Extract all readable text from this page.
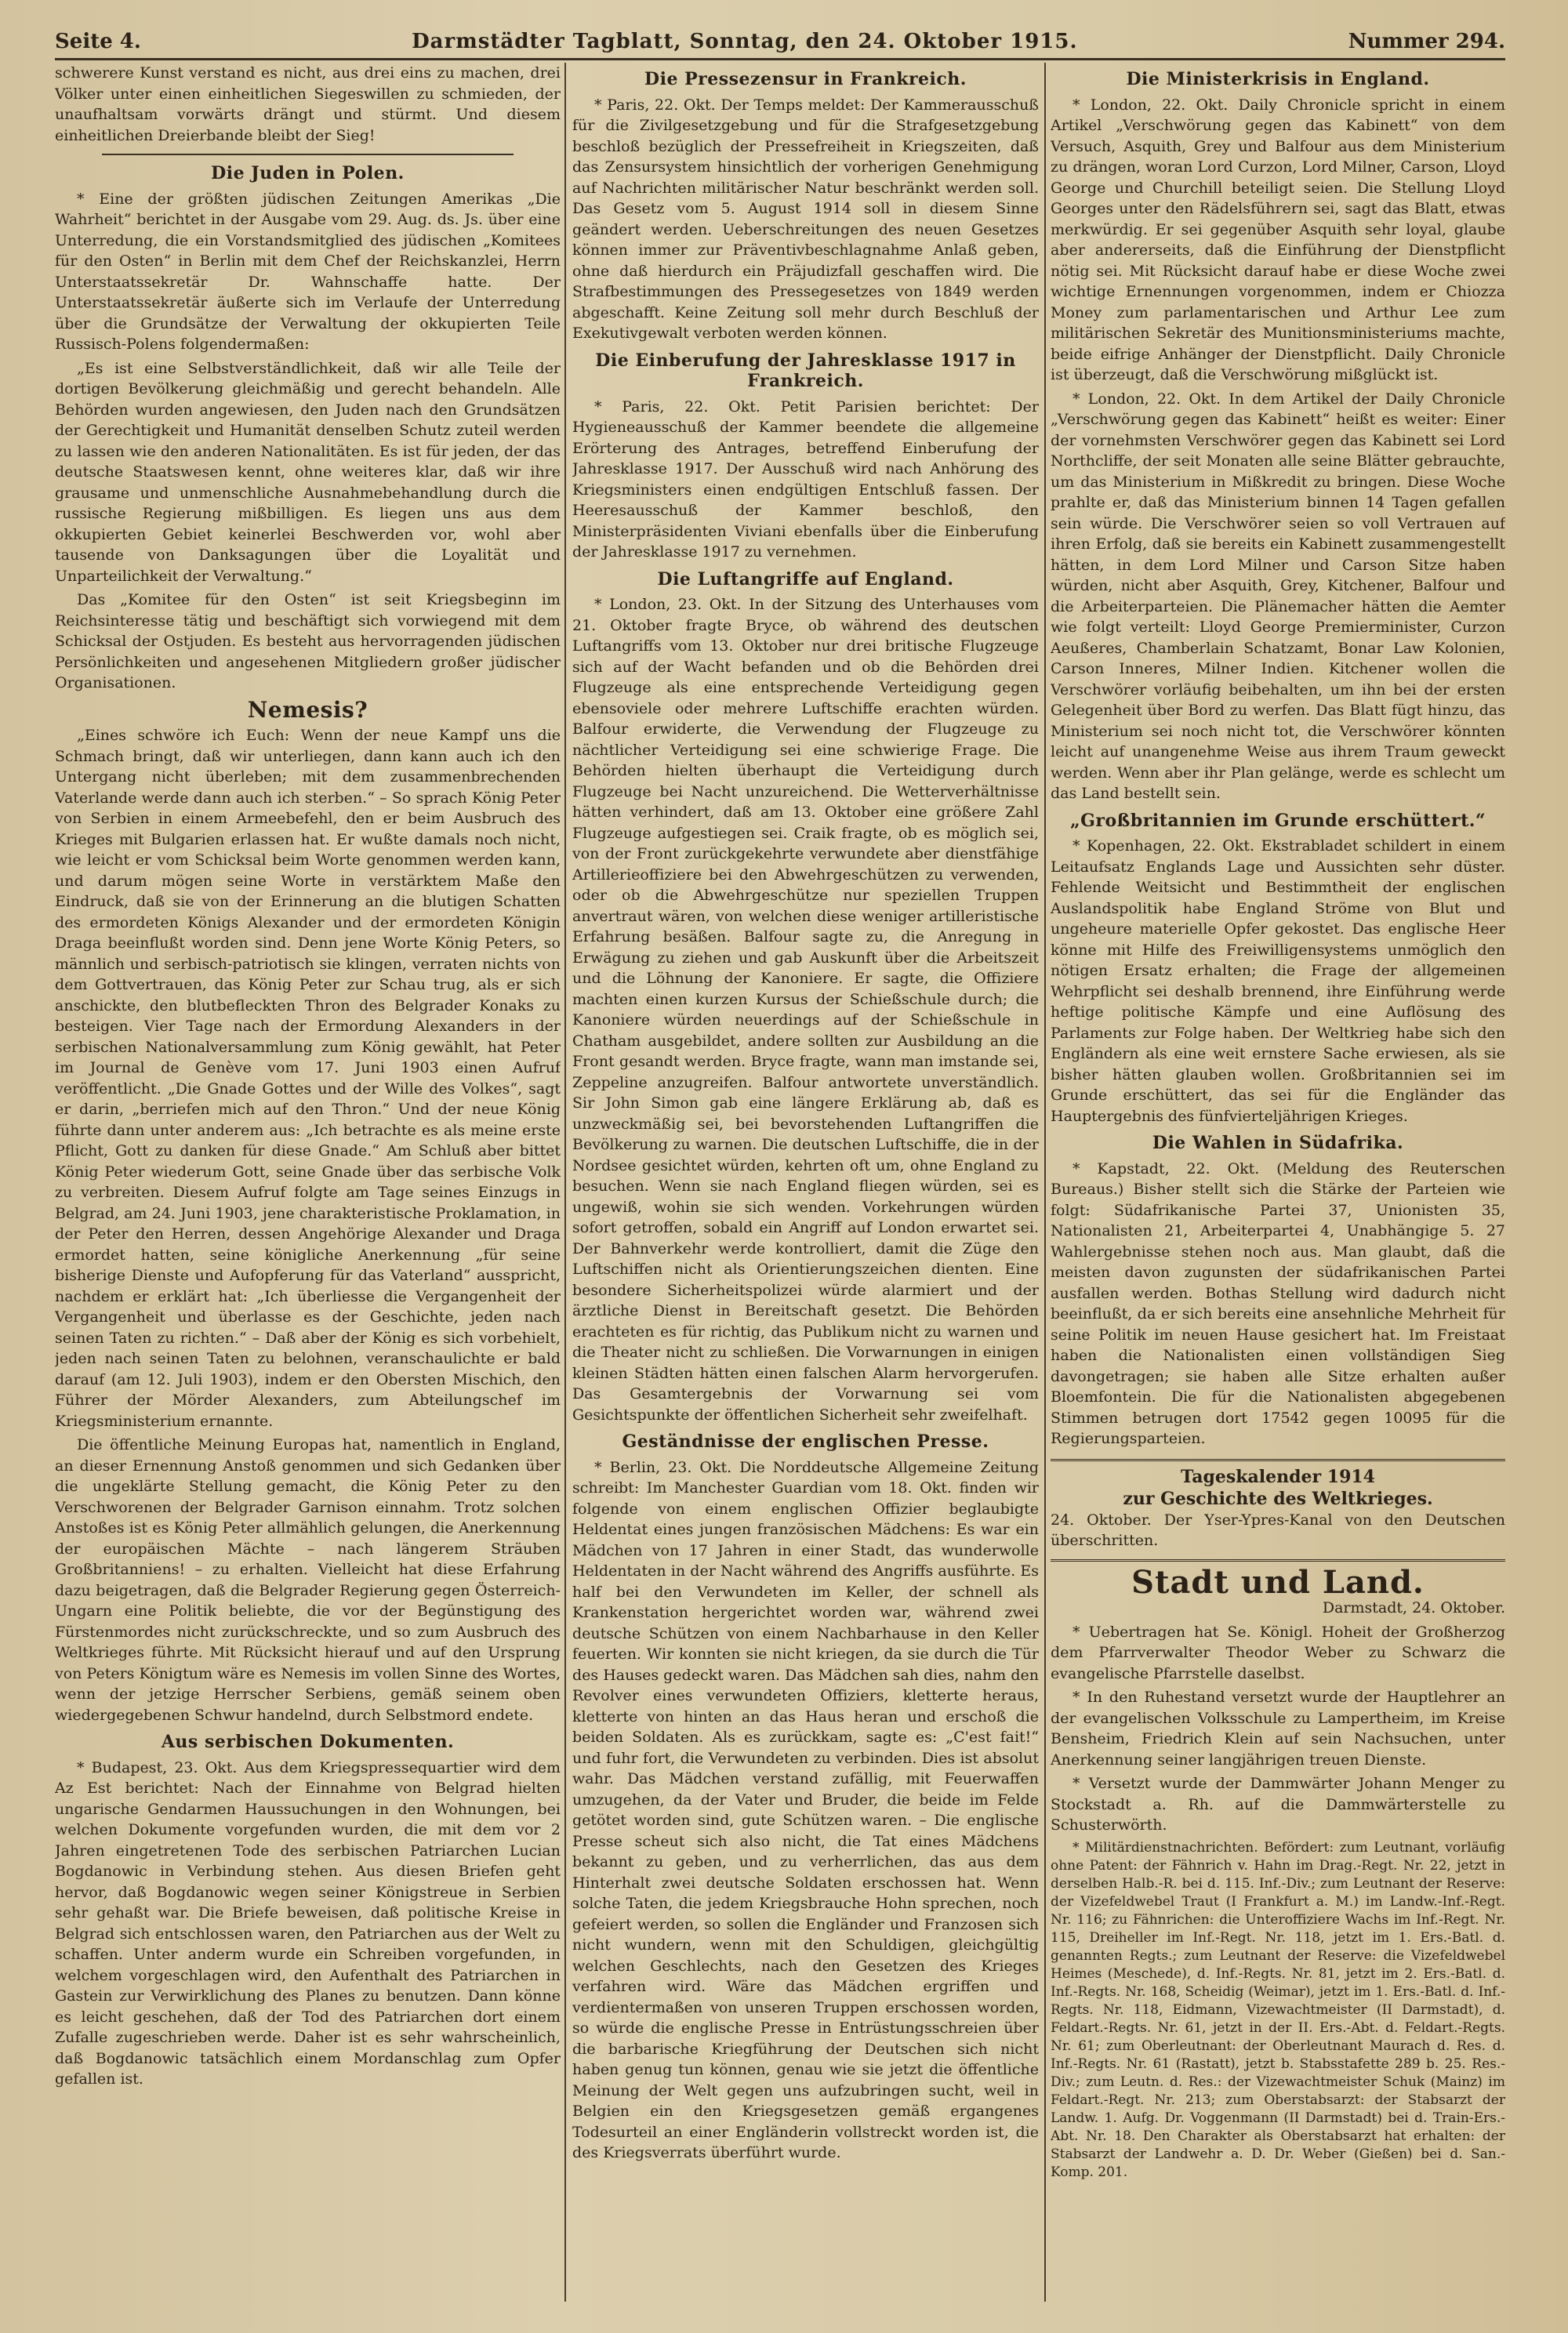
Seite 4.	Darmstädter Tagblatt, Sonntag, den 24. Oktober 1915.	Nummer 294.

schwerere Kunst verstand es nicht, aus drei eins zu machen, drei Völker unter einen einheitlichen Siegeswillen zu schmieden, der unaufhaltsam vorwärts drängt und stürmt. Und diesem einheitlichen Dreierbande bleibt der Sieg!

Die Juden in Polen.

* Eine der größten jüdischen Zeitungen Amerikas „Die Wahrheit“ berichtet in der Ausgabe vom 29. Aug. ds. Js. über eine Unterredung, die ein Vorstandsmitglied des jüdischen „Komitees für den Osten“ in Berlin mit dem Chef der Reichskanzlei, Herrn Unterstaatssekretär Dr. Wahnschaffe hatte. Der Unterstaatssekretär äußerte sich im Verlaufe der Unterredung über die Grundsätze der Verwaltung der okkupierten Teile Russisch-Polens folgendermaßen:

„Es ist eine Selbstverständlichkeit, daß wir alle Teile der dortigen Bevölkerung gleichmäßig und gerecht behandeln. Alle Behörden wurden angewiesen, den Juden nach den Grundsätzen der Gerechtigkeit und Humanität denselben Schutz zuteil werden zu lassen wie den anderen Nationalitäten. Es ist für jeden, der das deutsche Staatswesen kennt, ohne weiteres klar, daß wir ihre grausame und unmenschliche Ausnahmebehandlung durch die russische Regierung mißbilligen. Es liegen uns aus dem okkupierten Gebiet keinerlei Beschwerden vor, wohl aber tausende von Danksagungen über die Loyalität und Unparteilichkeit der Verwaltung.“

Das „Komitee für den Osten“ ist seit Kriegsbeginn im Reichsinteresse tätig und beschäftigt sich vorwiegend mit dem Schicksal der Ostjuden. Es besteht aus hervorragenden jüdischen Persönlichkeiten und angesehenen Mitgliedern großer jüdischer Organisationen.

Nemesis?

„Eines schwöre ich Euch: Wenn der neue Kampf uns die Schmach bringt, daß wir unterliegen, dann kann auch ich den Untergang nicht überleben; mit dem zusammenbrechenden Vaterlande werde dann auch ich sterben.“ – So sprach König Peter von Serbien in einem Armeebefehl, den er beim Ausbruch des Krieges mit Bulgarien erlassen hat. Er wußte damals noch nicht, wie leicht er vom Schicksal beim Worte genommen werden kann, und darum mögen seine Worte in verstärktem Maße den Eindruck, daß sie von der Erinnerung an die blutigen Schatten des ermordeten Königs Alexander und der ermordeten Königin Draga beeinflußt worden sind. Denn jene Worte König Peters, so männlich und serbisch-patriotisch sie klingen, verraten nichts von dem Gottvertrauen, das König Peter zur Schau trug, als er sich anschickte, den blutbefleckten Thron des Belgrader Konaks zu besteigen. Vier Tage nach der Ermordung Alexanders in der serbischen Nationalversammlung zum König gewählt, hat Peter im Journal de Genève vom 17. Juni 1903 einen Aufruf veröffentlicht. „Die Gnade Gottes und der Wille des Volkes“, sagt er darin, „berriefen mich auf den Thron.“ Und der neue König führte dann unter anderem aus: „Ich betrachte es als meine erste Pflicht, Gott zu danken für diese Gnade.“ Am Schluß aber bittet König Peter wiederum Gott, seine Gnade über das serbische Volk zu verbreiten. Diesem Aufruf folgte am Tage seines Einzugs in Belgrad, am 24. Juni 1903, jene charakteristische Proklamation, in der Peter den Herren, dessen Angehörige Alexander und Draga ermordet hatten, seine königliche Anerkennung „für seine bisherige Dienste und Aufopferung für das Vaterland“ ausspricht, nachdem er erklärt hat: „Ich überliesse die Vergangenheit der Vergangenheit und überlasse es der Geschichte, jeden nach seinen Taten zu richten.“ – Daß aber der König es sich vorbehielt, jeden nach seinen Taten zu belohnen, veranschaulichte er bald darauf (am 12. Juli 1903), indem er den Obersten Mischich, den Führer der Mörder Alexanders, zum Abteilungschef im Kriegsministerium ernannte.

Die öffentliche Meinung Europas hat, namentlich in England, an dieser Ernennung Anstoß genommen und sich Gedanken über die ungeklärte Stellung gemacht, die König Peter zu den Verschworenen der Belgrader Garnison einnahm. Trotz solchen Anstoßes ist es König Peter allmählich gelungen, die Anerkennung der europäischen Mächte – nach längerem Sträuben Großbritanniens! – zu erhalten. Vielleicht hat diese Erfahrung dazu beigetragen, daß die Belgrader Regierung gegen Österreich-Ungarn eine Politik beliebte, die vor der Begünstigung des Fürstenmordes nicht zurückschreckte, und so zum Ausbruch des Weltkrieges führte. Mit Rücksicht hierauf und auf den Ursprung von Peters Königtum wäre es Nemesis im vollen Sinne des Wortes, wenn der jetzige Herrscher Serbiens, gemäß seinem oben wiedergegebenen Schwur handelnd, durch Selbstmord endete.

Aus serbischen Dokumenten.

* Budapest, 23. Okt. Aus dem Kriegspressequartier wird dem Az Est berichtet: Nach der Einnahme von Belgrad hielten ungarische Gendarmen Haussuchungen in den Wohnungen, bei welchen Dokumente vorgefunden wurden, die mit dem vor 2 Jahren eingetretenen Tode des serbischen Patriarchen Lucian Bogdanowic in Verbindung stehen. Aus diesen Briefen geht hervor, daß Bogdanowic wegen seiner Königstreue in Serbien sehr gehaßt war. Die Briefe beweisen, daß politische Kreise in Belgrad sich entschlossen waren, den Patriarchen aus der Welt zu schaffen. Unter anderm wurde ein Schreiben vorgefunden, in welchem vorgeschlagen wird, den Aufenthalt des Patriarchen in Gastein zur Verwirklichung des Planes zu benutzen. Dann könne es leicht geschehen, daß der Tod des Patriarchen dort einem Zufalle zugeschrieben werde. Daher ist es sehr wahrscheinlich, daß Bogdanowic tatsächlich einem Mordanschlag zum Opfer gefallen ist.

Die Pressezensur in Frankreich.

* Paris, 22. Okt. Der Temps meldet: Der Kammerausschuß für die Zivilgesetzgebung und für die Strafgesetzgebung beschloß bezüglich der Pressefreiheit in Kriegszeiten, daß das Zensursystem hinsichtlich der vorherigen Genehmigung auf Nachrichten militärischer Natur beschränkt werden soll. Das Gesetz vom 5. August 1914 soll in diesem Sinne geändert werden. Ueberschreitungen des neuen Gesetzes können immer zur Präventivbeschlagnahme Anlaß geben, ohne daß hierdurch ein Präjudizfall geschaffen wird. Die Strafbestimmungen des Pressegesetzes von 1849 werden abgeschafft. Keine Zeitung soll mehr durch Beschluß der Exekutivgewalt verboten werden können.

Die Einberufung der Jahresklasse 1917 in Frankreich.

* Paris, 22. Okt. Petit Parisien berichtet: Der Hygieneausschuß der Kammer beendete die allgemeine Erörterung des Antrages, betreffend Einberufung der Jahresklasse 1917. Der Ausschuß wird nach Anhörung des Kriegsministers einen endgültigen Entschluß fassen. Der Heeresausschuß der Kammer beschloß, den Ministerpräsidenten Viviani ebenfalls über die Einberufung der Jahresklasse 1917 zu vernehmen.

Die Luftangriffe auf England.

* London, 23. Okt. In der Sitzung des Unterhauses vom 21. Oktober fragte Bryce, ob während des deutschen Luftangriffs vom 13. Oktober nur drei britische Flugzeuge sich auf der Wacht befanden und ob die Behörden drei Flugzeuge als eine entsprechende Verteidigung gegen ebensoviele oder mehrere Luftschiffe erachten würden. Balfour erwiderte, die Verwendung der Flugzeuge zu nächtlicher Verteidigung sei eine schwierige Frage. Die Behörden hielten überhaupt die Verteidigung durch Flugzeuge bei Nacht unzureichend. Die Wetterverhältnisse hätten verhindert, daß am 13. Oktober eine größere Zahl Flugzeuge aufgestiegen sei. Craik fragte, ob es möglich sei, von der Front zurückgekehrte verwundete aber dienstfähige Artillerieoffiziere bei den Abwehrgeschützen zu verwenden, oder ob die Abwehrgeschütze nur speziellen Truppen anvertraut wären, von welchen diese weniger artilleristische Erfahrung besäßen. Balfour sagte zu, die Anregung in Erwägung zu ziehen und gab Auskunft über die Arbeitszeit und die Löhnung der Kanoniere. Er sagte, die Offiziere machten einen kurzen Kursus der Schießschule durch; die Kanoniere würden neuerdings auf der Schießschule in Chatham ausgebildet, andere sollten zur Ausbildung an die Front gesandt werden. Bryce fragte, wann man imstande sei, Zeppeline anzugreifen. Balfour antwortete unverständlich. Sir John Simon gab eine längere Erklärung ab, daß es unzweckmäßig sei, bei bevorstehenden Luftangriffen die Bevölkerung zu warnen. Die deutschen Luftschiffe, die in der Nordsee gesichtet würden, kehrten oft um, ohne England zu besuchen. Wenn sie nach England fliegen würden, sei es ungewiß, wohin sie sich wenden. Vorkehrungen würden sofort getroffen, sobald ein Angriff auf London erwartet sei. Der Bahnverkehr werde kontrolliert, damit die Züge den Luftschiffen nicht als Orientierungszeichen dienten. Eine besondere Sicherheitspolizei würde alarmiert und der ärztliche Dienst in Bereitschaft gesetzt. Die Behörden erachteten es für richtig, das Publikum nicht zu warnen und die Theater nicht zu schließen. Die Vorwarnungen in einigen kleinen Städten hätten einen falschen Alarm hervorgerufen. Das Gesamtergebnis der Vorwarnung sei vom Gesichtspunkte der öffentlichen Sicherheit sehr zweifelhaft.

Geständnisse der englischen Presse.

* Berlin, 23. Okt. Die Norddeutsche Allgemeine Zeitung schreibt: Im Manchester Guardian vom 18. Okt. finden wir folgende von einem englischen Offizier beglaubigte Heldentat eines jungen französischen Mädchens: Es war ein Mädchen von 17 Jahren in einer Stadt, das wunderwolle Heldentaten in der Nacht während des Angriffs ausführte. Es half bei den Verwundeten im Keller, der schnell als Krankenstation hergerichtet worden war, während zwei deutsche Schützen von einem Nachbarhause in den Keller feuerten. Wir konnten sie nicht kriegen, da sie durch die Tür des Hauses gedeckt waren. Das Mädchen sah dies, nahm den Revolver eines verwundeten Offiziers, kletterte heraus, kletterte von hinten an das Haus heran und erschoß die beiden Soldaten. Als es zurückkam, sagte es: „C'est fait!“ und fuhr fort, die Verwundeten zu verbinden. Dies ist absolut wahr. Das Mädchen verstand zufällig, mit Feuerwaffen umzugehen, da der Vater und Bruder, die beide im Felde getötet worden sind, gute Schützen waren. – Die englische Presse scheut sich also nicht, die Tat eines Mädchens bekannt zu geben, und zu verherrlichen, das aus dem Hinterhalt zwei deutsche Soldaten erschossen hat. Wenn solche Taten, die jedem Kriegsbrauche Hohn sprechen, noch gefeiert werden, so sollen die Engländer und Franzosen sich nicht wundern, wenn mit den Schuldigen, gleichgültig welchen Geschlechts, nach den Gesetzen des Krieges verfahren wird. Wäre das Mädchen ergriffen und verdientermaßen von unseren Truppen erschossen worden, so würde die englische Presse in Entrüstungsschreien über die barbarische Kriegführung der Deutschen sich nicht haben genug tun können, genau wie sie jetzt die öffentliche Meinung der Welt gegen uns aufzubringen sucht, weil in Belgien ein den Kriegsgesetzen gemäß ergangenes Todesurteil an einer Engländerin vollstreckt worden ist, die des Kriegsverrats überführt wurde.

Die Ministerkrisis in England.

* London, 22. Okt. Daily Chronicle spricht in einem Artikel „Verschwörung gegen das Kabinett“ von dem Versuch, Asquith, Grey und Balfour aus dem Ministerium zu drängen, woran Lord Curzon, Lord Milner, Carson, Lloyd George und Churchill beteiligt seien. Die Stellung Lloyd Georges unter den Rädelsführern sei, sagt das Blatt, etwas merkwürdig. Er sei gegenüber Asquith sehr loyal, glaube aber andererseits, daß die Einführung der Dienstpflicht nötig sei. Mit Rücksicht darauf habe er diese Woche zwei wichtige Ernennungen vorgenommen, indem er Chiozza Money zum parlamentarischen und Arthur Lee zum militärischen Sekretär des Munitionsministeriums machte, beide eifrige Anhänger der Dienstpflicht. Daily Chronicle ist überzeugt, daß die Verschwörung mißglückt ist.

* London, 22. Okt. In dem Artikel der Daily Chronicle „Verschwörung gegen das Kabinett“ heißt es weiter: Einer der vornehmsten Verschwörer gegen das Kabinett sei Lord Northcliffe, der seit Monaten alle seine Blätter gebrauchte, um das Ministerium in Mißkredit zu bringen. Diese Woche prahlte er, daß das Ministerium binnen 14 Tagen gefallen sein würde. Die Verschwörer seien so voll Vertrauen auf ihren Erfolg, daß sie bereits ein Kabinett zusammengestellt hätten, in dem Lord Milner und Carson Sitze haben würden, nicht aber Asquith, Grey, Kitchener, Balfour und die Arbeiterparteien. Die Plänemacher hätten die Aemter wie folgt verteilt: Lloyd George Premierminister, Curzon Aeußeres, Chamberlain Schatzamt, Bonar Law Kolonien, Carson Inneres, Milner Indien. Kitchener wollen die Verschwörer vorläufig beibehalten, um ihn bei der ersten Gelegenheit über Bord zu werfen. Das Blatt fügt hinzu, das Ministerium sei noch nicht tot, die Verschwörer könnten leicht auf unangenehme Weise aus ihrem Traum geweckt werden. Wenn aber ihr Plan gelänge, werde es schlecht um das Land bestellt sein.

„Großbritannien im Grunde erschüttert.“

* Kopenhagen, 22. Okt. Ekstrabladet schildert in einem Leitaufsatz Englands Lage und Aussichten sehr düster. Fehlende Weitsicht und Bestimmtheit der englischen Auslandspolitik habe England Ströme von Blut und ungeheure materielle Opfer gekostet. Das englische Heer könne mit Hilfe des Freiwilligensystems unmöglich den nötigen Ersatz erhalten; die Frage der allgemeinen Wehrpflicht sei deshalb brennend, ihre Einführung werde heftige politische Kämpfe und eine Auflösung des Parlaments zur Folge haben. Der Weltkrieg habe sich den Engländern als eine weit ernstere Sache erwiesen, als sie bisher hätten glauben wollen. Großbritannien sei im Grunde erschüttert, das sei für die Engländer das Hauptergebnis des fünfvierteljährigen Krieges.

Die Wahlen in Südafrika.

* Kapstadt, 22. Okt. (Meldung des Reuterschen Bureaus.) Bisher stellt sich die Stärke der Parteien wie folgt: Südafrikanische Partei 37, Unionisten 35, Nationalisten 21, Arbeiterpartei 4, Unabhängige 5. 27 Wahlergebnisse stehen noch aus. Man glaubt, daß die meisten davon zugunsten der südafrikanischen Partei ausfallen werden. Bothas Stellung wird dadurch nicht beeinflußt, da er sich bereits eine ansehnliche Mehrheit für seine Politik im neuen Hause gesichert hat. Im Freistaat haben die Nationalisten einen vollständigen Sieg davongetragen; sie haben alle Sitze erhalten außer Bloemfontein. Die für die Nationalisten abgegebenen Stimmen betrugen dort 17542 gegen 10095 für die Regierungsparteien.

Tageskalender 1914
zur Geschichte des Weltkrieges.

24. Oktober. Der Yser-Ypres-Kanal von den Deutschen überschritten.

Stadt und Land.
Darmstadt, 24. Oktober.

* Uebertragen hat Se. Königl. Hoheit der Großherzog dem Pfarrverwalter Theodor Weber zu Schwarz die evangelische Pfarrstelle daselbst.

* In den Ruhestand versetzt wurde der Hauptlehrer an der evangelischen Volksschule zu Lampertheim, im Kreise Bensheim, Friedrich Klein auf sein Nachsuchen, unter Anerkennung seiner langjährigen treuen Dienste.

* Versetzt wurde der Dammwärter Johann Menger zu Stockstadt a. Rh. auf die Dammwärterstelle zu Schusterwörth.

* Militärdienstnachrichten. Befördert: zum Leutnant, vorläufig ohne Patent: der Fähnrich v. Hahn im Drag.-Regt. Nr. 22, jetzt in derselben Halb.-R. bei d. 115. Inf.-Div.; zum Leutnant der Reserve: der Vizefeldwebel Traut (I Frankfurt a. M.) im Landw.-Inf.-Regt. Nr. 116; zu Fähnrichen: die Unteroffiziere Wachs im Inf.-Regt. Nr. 115, Dreiheller im Inf.-Regt. Nr. 118, jetzt im 1. Ers.-Batl. d. genannten Regts.; zum Leutnant der Reserve: die Vizefeldwebel Heimes (Meschede), d. Inf.-Regts. Nr. 81, jetzt im 2. Ers.-Batl. d. Inf.-Regts. Nr. 168, Scheidig (Weimar), jetzt im 1. Ers.-Batl. d. Inf.-Regts. Nr. 118, Eidmann, Vizewachtmeister (II Darmstadt), d. Feldart.-Regts. Nr. 61, jetzt in der II. Ers.-Abt. d. Feldart.-Regts. Nr. 61; zum Oberleutnant: der Oberleutnant Maurach d. Res. d. Inf.-Regts. Nr. 61 (Rastatt), jetzt b. Stabsstafette 289 b. 25. Res.-Div.; zum Leutn. d. Res.: der Vizewachtmeister Schuk (Mainz) im Feldart.-Regt. Nr. 213; zum Oberstabsarzt: der Stabsarzt der Landw. 1. Aufg. Dr. Voggenmann (II Darmstadt) bei d. Train-Ers.-Abt. Nr. 18. Den Charakter als Oberstabsarzt hat erhalten: der Stabsarzt der Landwehr a. D. Dr. Weber (Gießen) bei d. San.-Komp. 201.
